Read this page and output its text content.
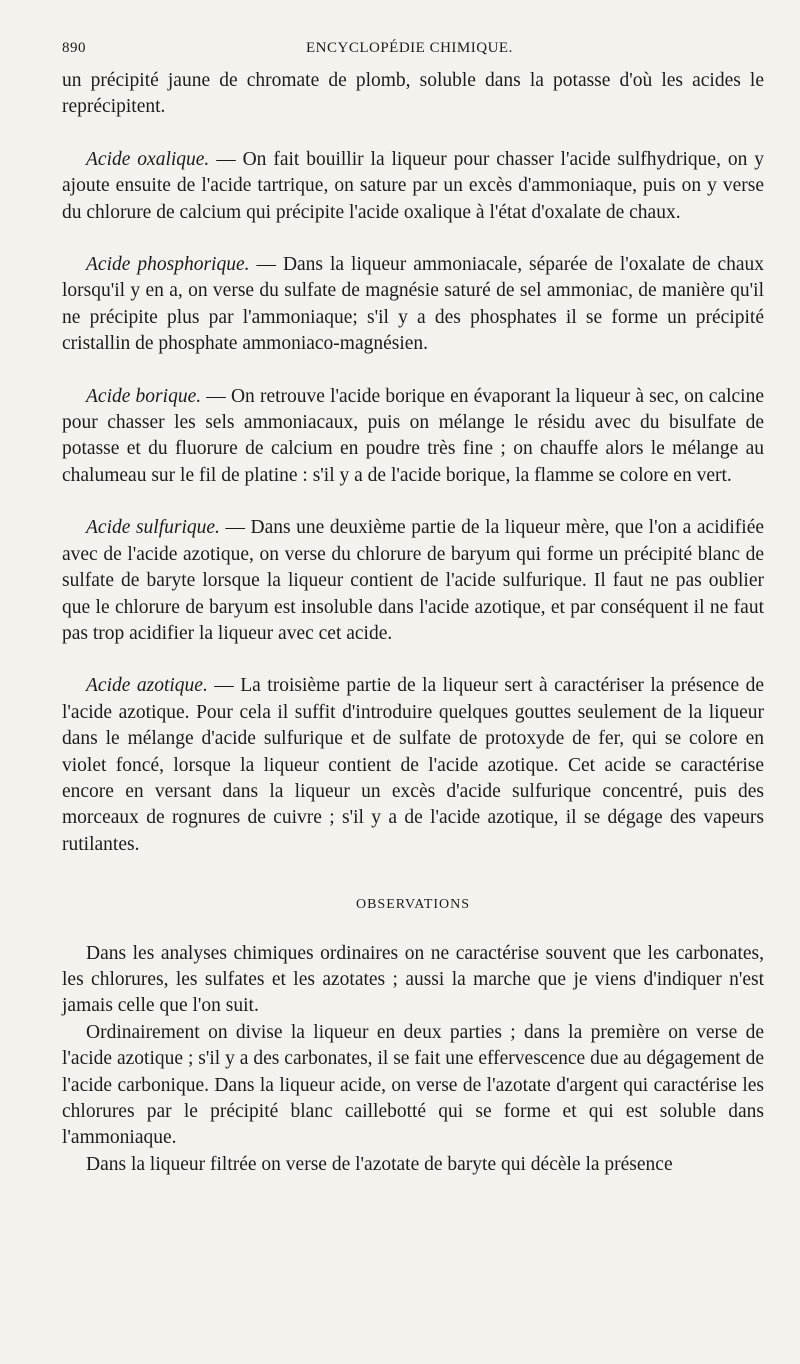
890	ENCYCLOPÉDIE CHIMIQUE.

un précipité jaune de chromate de plomb, soluble dans la potasse d'où les acides le reprécipitent.

Acide oxalique. — On fait bouillir la liqueur pour chasser l'acide sulfhydrique, on y ajoute ensuite de l'acide tartrique, on sature par un excès d'ammoniaque, puis on y verse du chlorure de calcium qui précipite l'acide oxalique à l'état d'oxalate de chaux.

Acide phosphorique. — Dans la liqueur ammoniacale, séparée de l'oxalate de chaux lorsqu'il y en a, on verse du sulfate de magnésie saturé de sel ammoniac, de manière qu'il ne précipite plus par l'ammoniaque; s'il y a des phosphates il se forme un précipité cristallin de phosphate ammoniaco-magnésien.

Acide borique. — On retrouve l'acide borique en évaporant la liqueur à sec, on calcine pour chasser les sels ammoniacaux, puis on mélange le résidu avec du bisulfate de potasse et du fluorure de calcium en poudre très fine ; on chauffe alors le mélange au chalumeau sur le fil de platine : s'il y a de l'acide borique, la flamme se colore en vert.

Acide sulfurique. — Dans une deuxième partie de la liqueur mère, que l'on a acidifiée avec de l'acide azotique, on verse du chlorure de baryum qui forme un précipité blanc de sulfate de baryte lorsque la liqueur contient de l'acide sulfurique. Il faut ne pas oublier que le chlorure de baryum est insoluble dans l'acide azotique, et par conséquent il ne faut pas trop acidifier la liqueur avec cet acide.

Acide azotique. — La troisième partie de la liqueur sert à caractériser la présence de l'acide azotique. Pour cela il suffit d'introduire quelques gouttes seulement de la liqueur dans le mélange d'acide sulfurique et de sulfate de protoxyde de fer, qui se colore en violet foncé, lorsque la liqueur contient de l'acide azotique. Cet acide se caractérise encore en versant dans la liqueur un excès d'acide sulfurique concentré, puis des morceaux de rognures de cuivre ; s'il y a de l'acide azotique, il se dégage des vapeurs rutilantes.

OBSERVATIONS

Dans les analyses chimiques ordinaires on ne caractérise souvent que les carbonates, les chlorures, les sulfates et les azotates ; aussi la marche que je viens d'indiquer n'est jamais celle que l'on suit.

Ordinairement on divise la liqueur en deux parties ; dans la première on verse de l'acide azotique ; s'il y a des carbonates, il se fait une effervescence due au dégagement de l'acide carbonique. Dans la liqueur acide, on verse de l'azotate d'argent qui caractérise les chlorures par le précipité blanc caillebotté qui se forme et qui est soluble dans l'ammoniaque.

Dans la liqueur filtrée on verse de l'azotate de baryte qui décèle la présence
